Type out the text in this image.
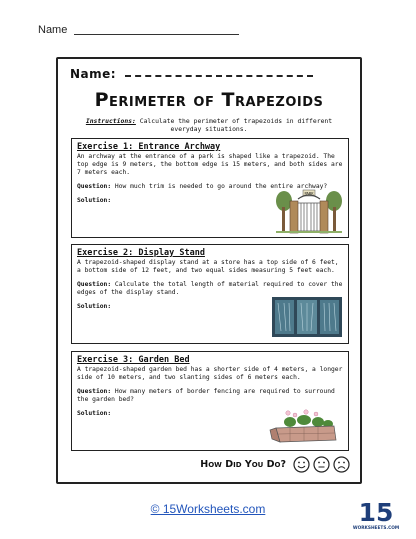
Name
Name:
Perimeter of Trapezoids
Instructions: Calculate the perimeter of trapezoids in different everyday situations.
Exercise 1: Entrance Archway

An archway at the entrance of a park is shaped like a trapezoid. The top edge is 9 meters, the bottom edge is 15 meters, and both sides are 7 meters each.

Question: How much trim is needed to go around the entire archway?

Solution:

PARK
Exercise 2: Display Stand

A trapezoid-shaped display stand at a store has a top side of 6 feet, a bottom side of 12 feet, and two equal sides measuring 5 feet each.

Question: Calculate the total length of material required to cover the edges of the display stand.

Solution:

Exercise 3: Garden Bed

A trapezoid-shaped garden bed has a shorter side of 4 meters, a longer side of 10 meters, and two slanting sides of 6 meters each.

Question: How many meters of border fencing are required to surround the garden bed?

Solution:

How Did You Do?
© 15Worksheets.com	15
WORKSHEETS.COM
